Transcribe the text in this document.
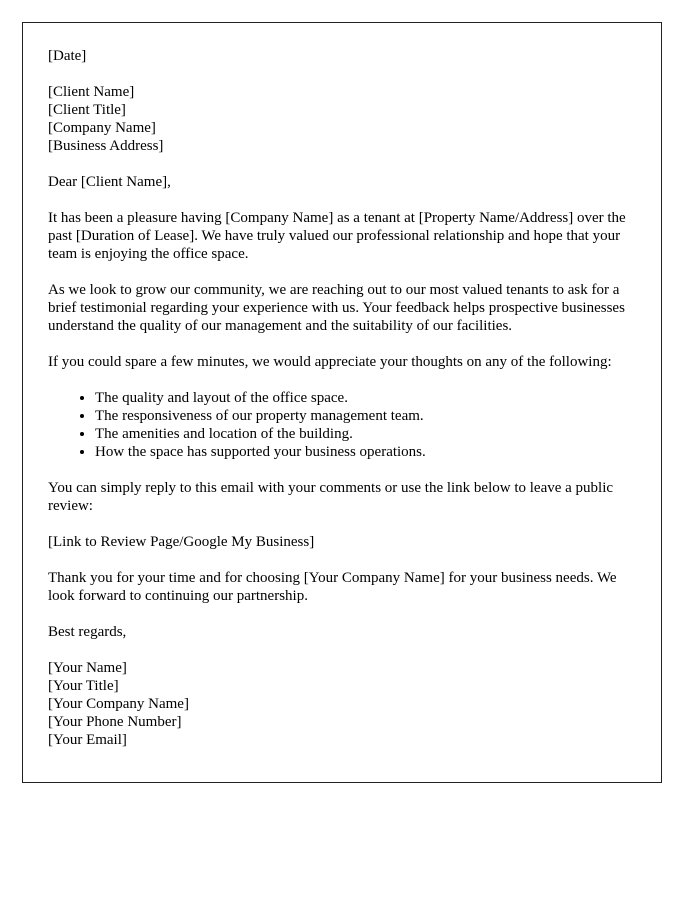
[Date]
[Client Name]
[Client Title]
[Company Name]
[Business Address]
Dear [Client Name],

It has been a pleasure having [Company Name] as a tenant at [Property Name/Address] over the past [Duration of Lease]. We have truly valued our professional relationship and hope that your team is enjoying the office space.

As we look to grow our community, we are reaching out to our most valued tenants to ask for a brief testimonial regarding your experience with us. Your feedback helps prospective businesses understand the quality of our management and the suitability of our facilities.

If you could spare a few minutes, we would appreciate your thoughts on any of the following:

• The quality and layout of the office space.
• The responsiveness of our property management team.
• The amenities and location of the building.
• How the space has supported your business operations.

You can simply reply to this email with your comments or use the link below to leave a public review:

[Link to Review Page/Google My Business]

Thank you for your time and for choosing [Your Company Name] for your business needs. We look forward to continuing our partnership.

Best regards,
[Your Name]
[Your Title]
[Your Company Name]
[Your Phone Number]
[Your Email]
